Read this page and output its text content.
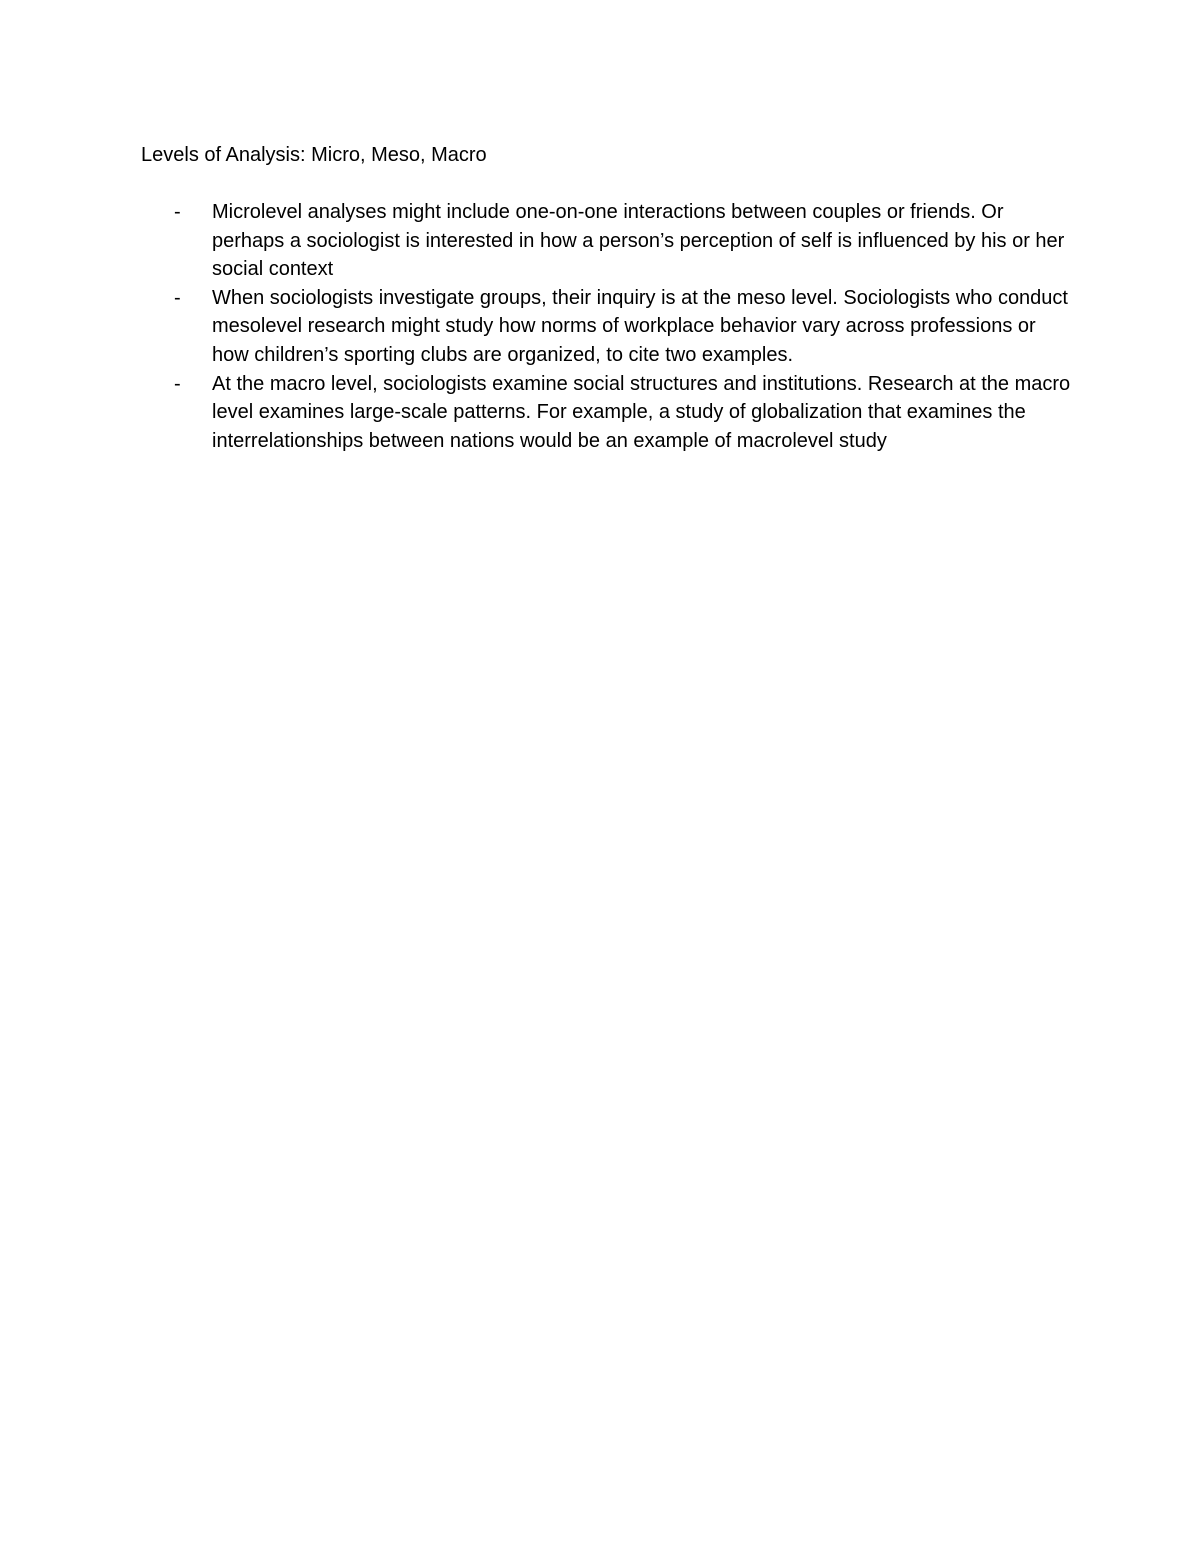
Levels of Analysis: Micro, Meso, Macro
- Microlevel analyses might include one-on-one interactions between couples or friends. Or perhaps a sociologist is interested in how a person’s perception of self is influenced by his or her social context
- When sociologists investigate groups, their inquiry is at the meso level. Sociologists who conduct mesolevel research might study how norms of workplace behavior vary across professions or how children’s sporting clubs are organized, to cite two examples.
- At the macro level, sociologists examine social structures and institutions. Research at the macro level examines large-scale patterns. For example, a study of globalization that examines the interrelationships between nations would be an example of macrolevel study
